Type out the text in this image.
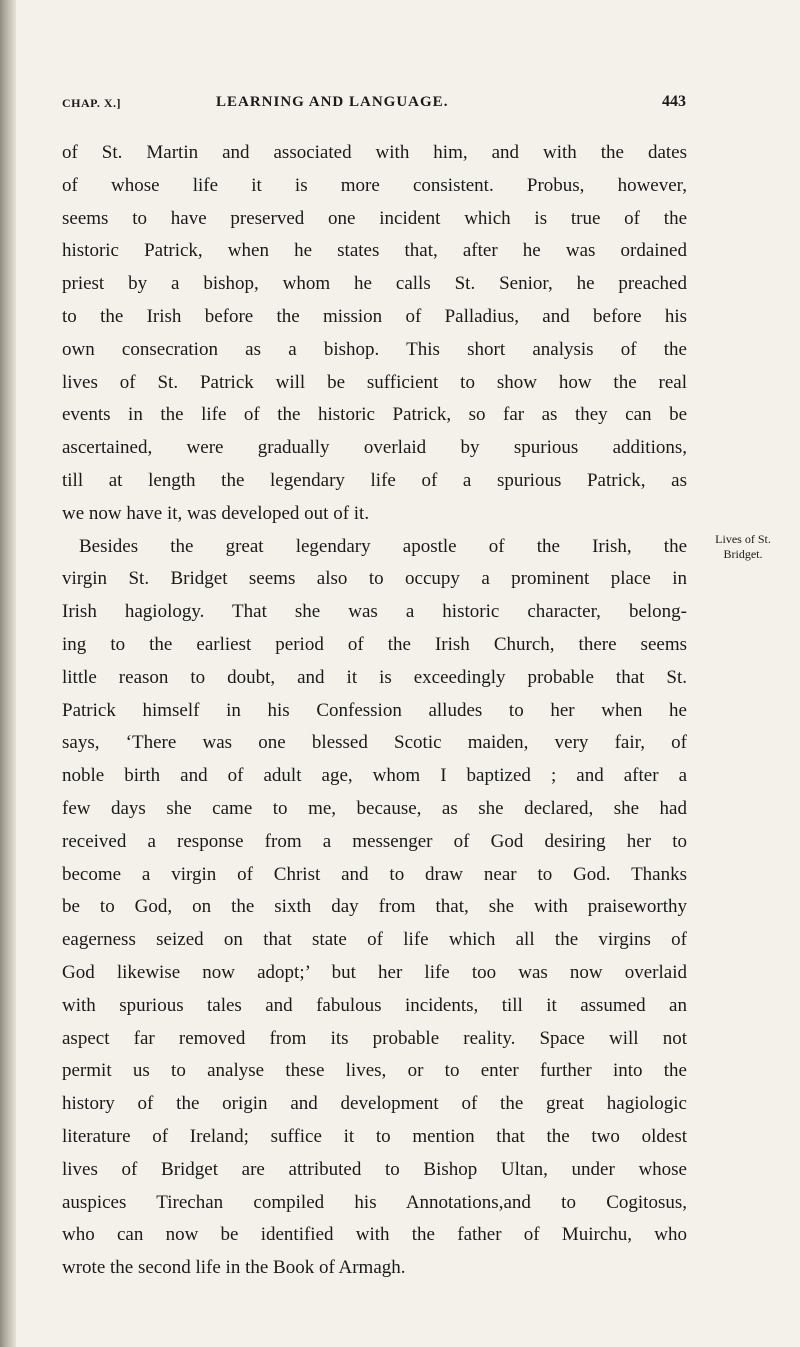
CHAP. X.]	LEARNING AND LANGUAGE.	443
of St. Martin and associated with him, and with the dates
of whose life it is more consistent. Probus, however,
seems to have preserved one incident which is true of the
historic Patrick, when he states that, after he was ordained
priest by a bishop, whom he calls St. Senior, he preached
to the Irish before the mission of Palladius, and before his
own consecration as a bishop. This short analysis of the
lives of St. Patrick will be sufficient to show how the real
events in the life of the historic Patrick, so far as they can be
ascertained, were gradually overlaid by spurious additions,
till at length the legendary life of a spurious Patrick, as
we now have it, was developed out of it.
Besides the great legendary apostle of the Irish, the
virgin St. Bridget seems also to occupy a prominent place in
Irish hagiology. That she was a historic character, belong-
ing to the earliest period of the Irish Church, there seems
little reason to doubt, and it is exceedingly probable that St.
Patrick himself in his Confession alludes to her when he
says, ‘There was one blessed Scotic maiden, very fair, of
noble birth and of adult age, whom I baptized ; and after a
few days she came to me, because, as she declared, she had
received a response from a messenger of God desiring her to
become a virgin of Christ and to draw near to God. Thanks
be to God, on the sixth day from that, she with praiseworthy
eagerness seized on that state of life which all the virgins of
God likewise now adopt;’ but her life too was now overlaid
with spurious tales and fabulous incidents, till it assumed an
aspect far removed from its probable reality. Space will not
permit us to analyse these lives, or to enter further into the
history of the origin and development of the great hagiologic
literature of Ireland; suffice it to mention that the two oldest
lives of Bridget are attributed to Bishop Ultan, under whose
auspices Tirechan compiled his Annotations,and to Cogitosus,
who can now be identified with the father of Muirchu, who
wrote the second life in the Book of Armagh.
Lives of St.
Bridget.
